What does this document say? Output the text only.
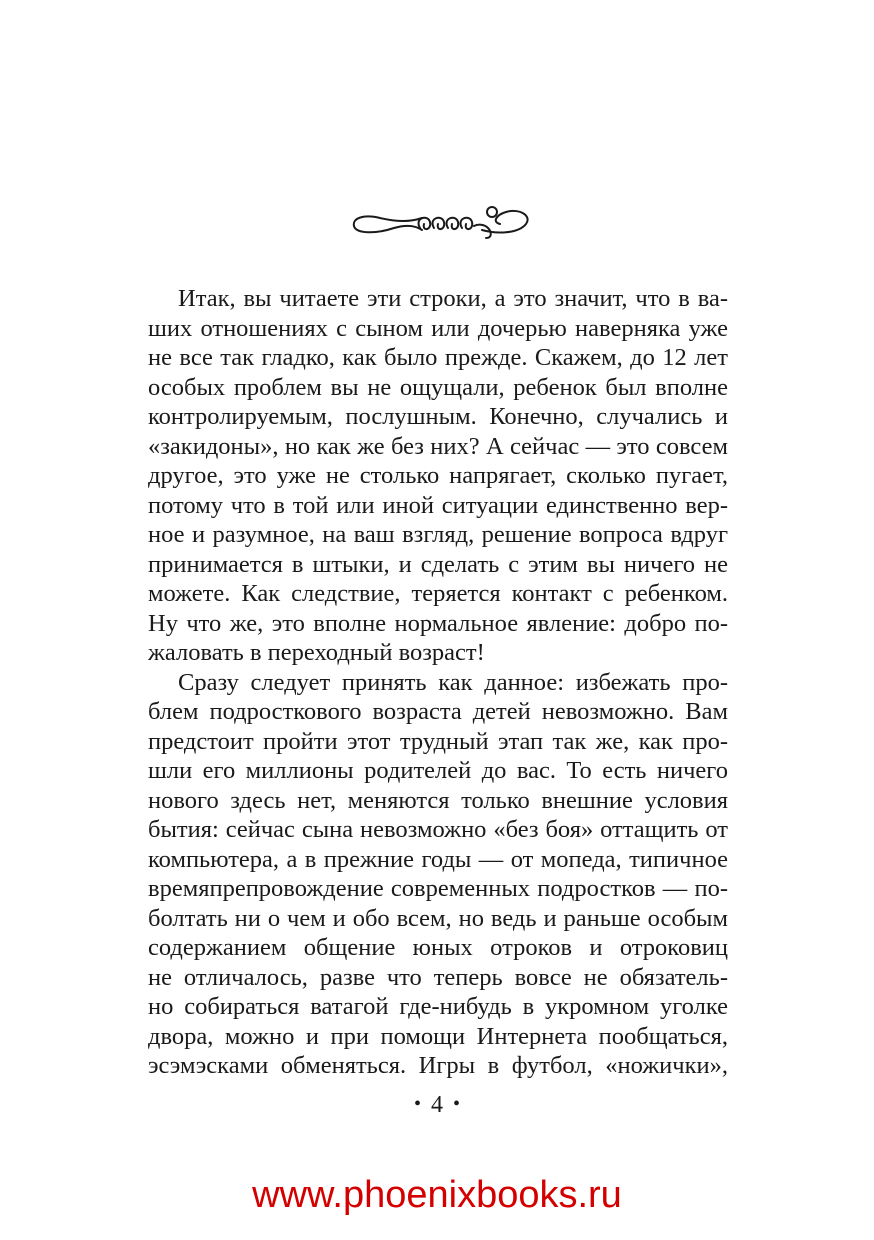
Итак, вы читаете эти строки, а это значит, что в ва-
ших отношениях с сыном или дочерью наверняка уже
не все так гладко, как было прежде. Скажем, до 12 лет
особых проблем вы не ощущали, ребенок был вполне
контролируемым, послушным. Конечно, случались и
«закидоны», но как же без них? А сейчас — это совсем
другое, это уже не столько напрягает, сколько пугает,
потому что в той или иной ситуации единственно вер-
ное и разумное, на ваш взгляд, решение вопроса вдруг
принимается в штыки, и сделать с этим вы ничего не
можете. Как следствие, теряется контакт с ребенком.
Ну что же, это вполне нормальное явление: добро по-
жаловать в переходный возраст!
Сразу следует принять как данное: избежать про-
блем подросткового возраста детей невозможно. Вам
предстоит пройти этот трудный этап так же, как про-
шли его миллионы родителей до вас. То есть ничего
нового здесь нет, меняются только внешние условия
бытия: сейчас сына невозможно «без боя» оттащить от
компьютера, а в прежние годы — от мопеда, типичное
времяпрепровождение современных подростков — по-
болтать ни о чем и обо всем, но ведь и раньше особым
содержанием общение юных отроков и отроковиц
не отличалось, разве что теперь вовсе не обязатель-
но собираться ватагой где-нибудь в укромном уголке
двора, можно и при помощи Интернета пообщаться,
эсэмэсками обменяться. Игры в футбол, «ножички»,
• 4 •
www.phoenixbooks.ru
